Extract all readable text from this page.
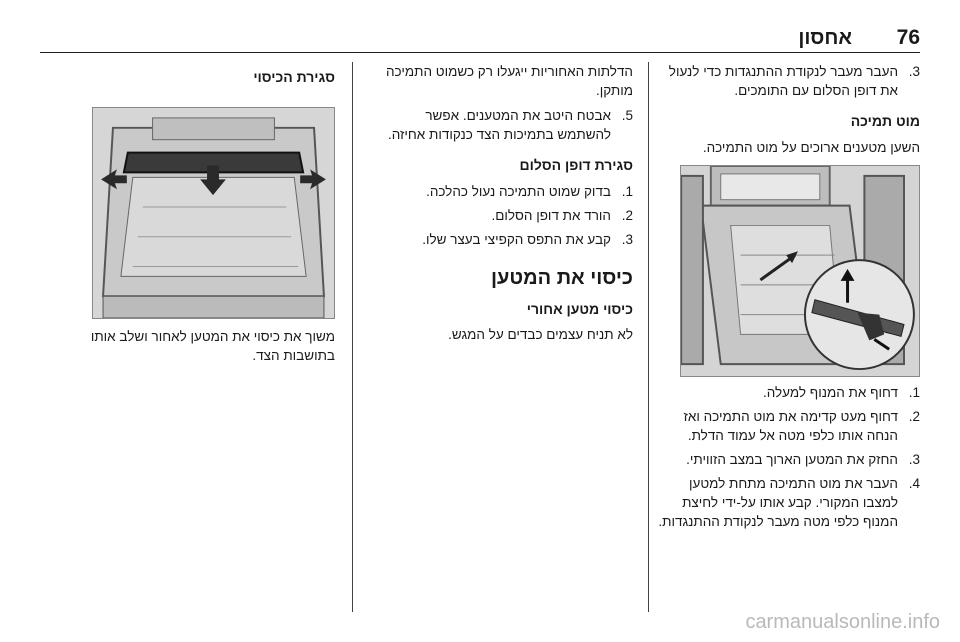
76
אחסון
.3
העבר מעבר לנקודת ההתנגדות כדי לנעול את דופן הסלום עם התומכים.
מוט תמיכה

השען מטענים ארוכים על מוט התמיכה.

.1
דחוף את המנוף למעלה.
.2
דחוף מעט קדימה את מוט התמיכה ואז הנחה אותו כלפי מטה אל עמוד הדלת.
.3
החזק את המטען הארוך במצב הזוויתי.
.4
העבר את מוט התמיכה מתחת למטען למצבו המקורי. קבע אותו על-ידי לחיצת המנוף כלפי מטה מעבר לנקודת ההתנגדות.

הדלתות האחוריות ייגעלו רק כשמוט התמיכה מותקן.

.5
אבטח היטב את המטענים. אפשר להשתמש בתמיכות הצד כנקודות אחיזה.
סגירת דופן הסלום
.1
בדוק שמוט התמיכה נעול כהלכה.
.2
הורד את דופן הסלום.
.3
קבע את התפס הקפיצי בעצר שלו.
כיסוי את המטען
כיסוי מטען אחורי

לא תניח עצמים כבדים על המגש.

סגירת הכיסוי

משוך את כיסוי את המטען לאחור ושלב אותו בתושבות הצד.

carmanualsonline.info
